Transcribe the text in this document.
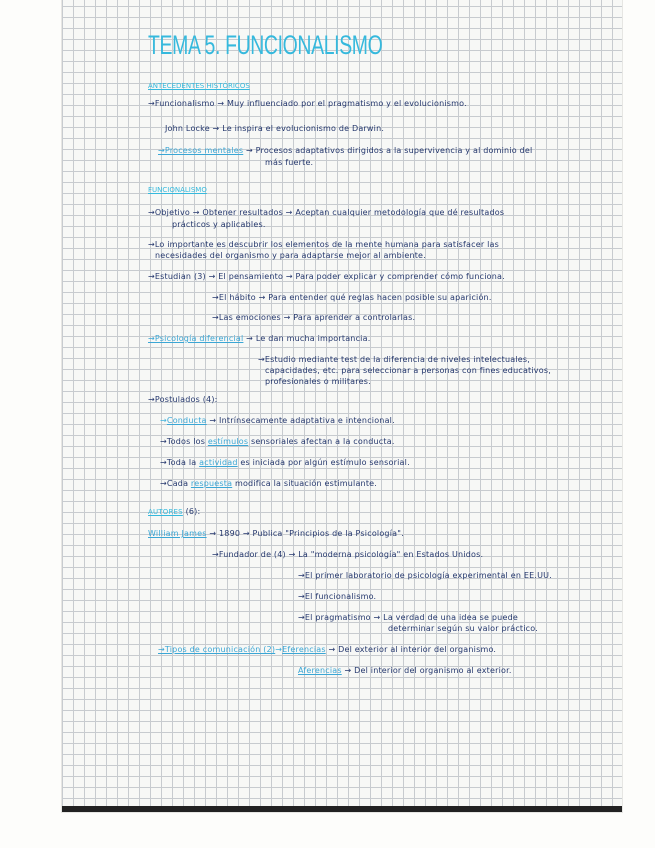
TEMA 5. FUNCIONALISMO
ANTECEDENTES HISTÓRICOS
→Funcionalismo → Muy influenciado por el pragmatismo y el evolucionismo.
John Locke → Le inspira el evolucionismo de Darwin.
→Procesos mentales → Procesos adaptativos dirigidos a la supervivencia y al dominio del
más fuerte.
FUNCIONALISMO
→Objetivo → Obtener resultados → Aceptan cualquier metodología que dé resultados
prácticos y aplicables.
→Lo importante es descubrir los elementos de la mente humana para satisfacer las
necesidades del organismo y para adaptarse mejor al ambiente.
→Estudian (3) → El pensamiento → Para poder explicar y comprender cómo funciona.
→El hábito → Para entender qué reglas hacen posible su aparición.
→Las emociones → Para aprender a controlarlas.
→Psicología diferencial → Le dan mucha importancia.
→Estudio mediante test de la diferencia de niveles intelectuales,
capacidades, etc. para seleccionar a personas con fines educativos,
profesionales o militares.
→Postulados (4):
→Conducta → Intrínsecamente adaptativa e intencional.
→Todos los estímulos sensoriales afectan a la conducta.
→Toda la actividad es iniciada por algún estímulo sensorial.
→Cada respuesta modifica la situación estimulante.
AUTORES (6):
William James → 1890 → Publica "Principios de la Psicología".
→Fundador de (4) → La "moderna psicología" en Estados Unidos.
→El primer laboratorio de psicología experimental en EE.UU.
→El funcionalismo.
→El pragmatismo → La verdad de una idea se puede
determinar según su valor práctico.
→Tipos de comunicación (2)→Eferencias → Del exterior al interior del organismo.
Aferencias → Del interior del organismo al exterior.
